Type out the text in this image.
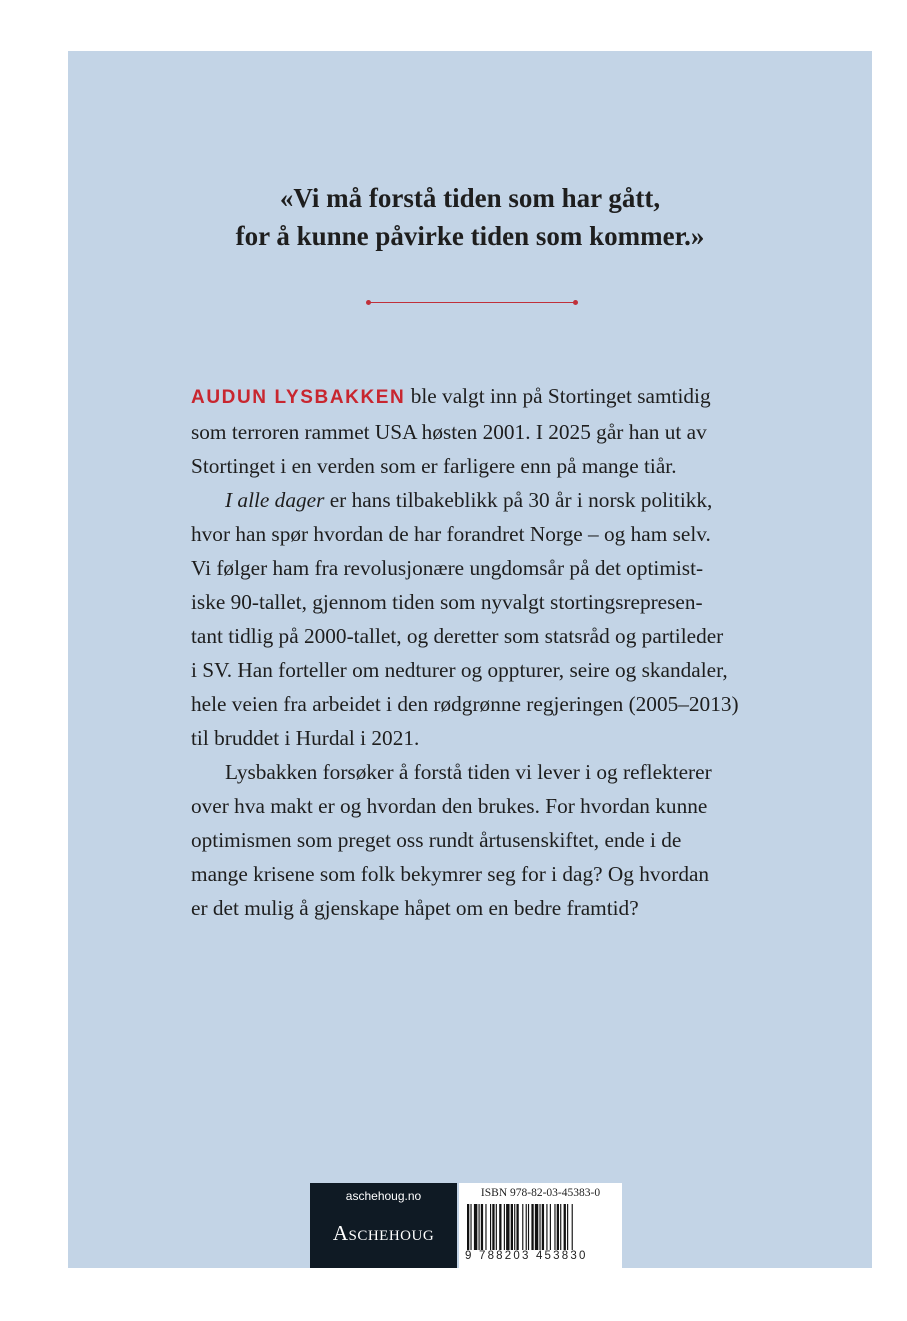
«Vi må forstå tiden som har gått,
for å kunne påvirke tiden som kommer.»

AUDUN LYSBAKKEN ble valgt inn på Stortinget samtidig
som terroren rammet USA høsten 2001. I 2025 går han ut av
Stortinget i en verden som er farligere enn på mange tiår.

I alle dager er hans tilbakeblikk på 30 år i norsk politikk,
hvor han spør hvordan de har forandret Norge – og ham selv.
Vi følger ham fra revolusjonære ungdomsår på det optimist-
iske 90-tallet, gjennom tiden som nyvalgt stortingsrepresen-
tant tidlig på 2000-tallet, og deretter som statsråd og partileder
i SV. Han forteller om nedturer og oppturer, seire og skandaler,
hele veien fra arbeidet i den rødgrønne regjeringen (2005–2013)
til bruddet i Hurdal i 2021.

Lysbakken forsøker å forstå tiden vi lever i og reflekterer
over hva makt er og hvordan den brukes. For hvordan kunne
optimismen som preget oss rundt årtusenskiftet, ende i de
mange krisene som folk bekymrer seg for i dag? Og hvordan
er det mulig å gjenskape håpet om en bedre framtid?

aschehoug.no
Aschehoug
ISBN 978-82-03-45383-0
9 788203 453830
